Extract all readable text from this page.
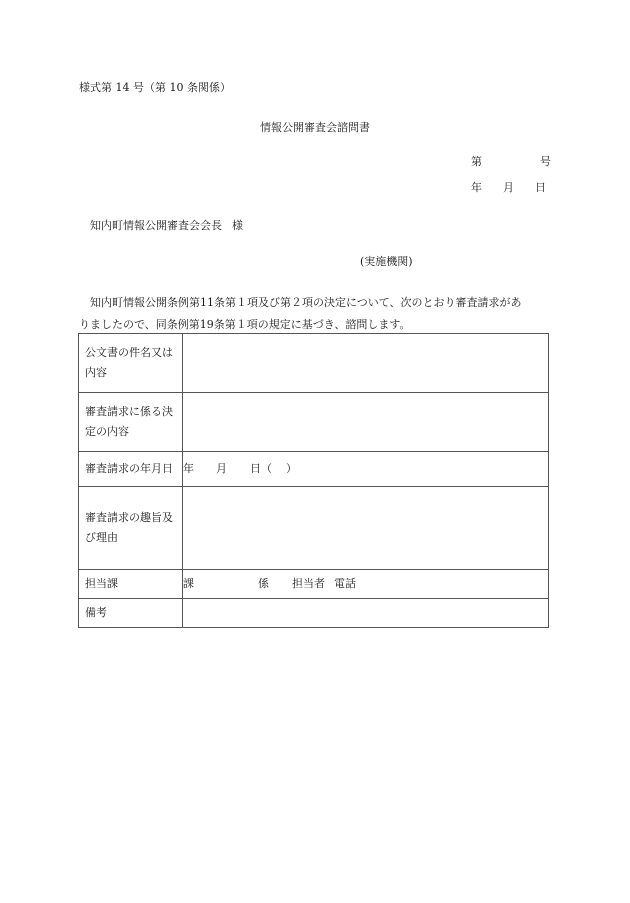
様式第 14 号（第 10 条関係）
情報公開審査会諮問書
第	号
年 月 日
知内町情報公開審査会会長 様
(実施機関)

　知内町情報公開条例第11条第１項及び第２項の決定について、次のとおり審査請求があ

りましたので、同条例第19条第１項の規定に基づき、諮問します。

公文書の件名又は
内容	

審査請求に係る決
定の内容	

審査請求の年月日	年 月 日（ ）

審査請求の趣旨及
び理由	

担当課	課 係 担当者 電話
備考	
